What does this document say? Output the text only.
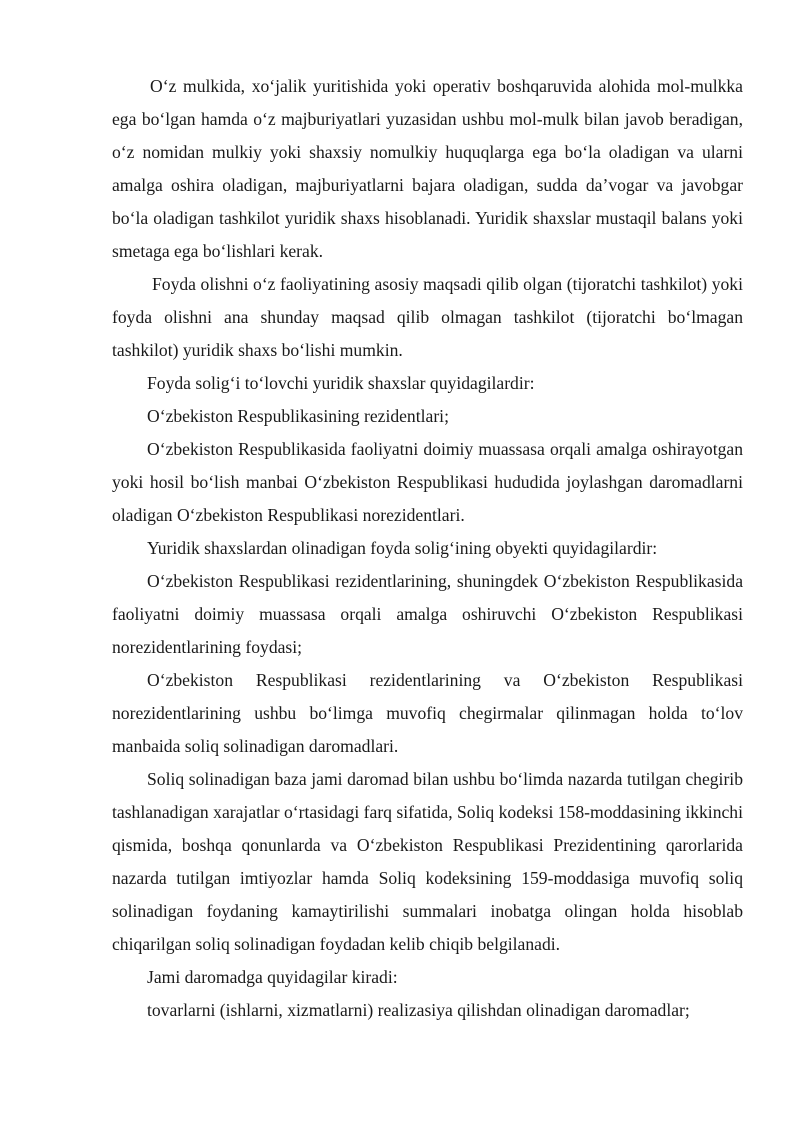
O‘z mulkida, xo‘jalik yuritishida yoki operativ boshqaruvida alohida mol-mulkka ega bo‘lgan hamda o‘z majburiyatlari yuzasidan ushbu mol-mulk bilan javob beradigan, o‘z nomidan mulkiy yoki shaxsiy nomulkiy huquqlarga ega bo‘la oladigan va ularni amalga oshira oladigan, majburiyatlarni bajara oladigan, sudda da’vogar va javobgar bo‘la oladigan tashkilot yuridik shaxs hisoblanadi. Yuridik shaxslar mustaqil balans yoki smetaga ega bo‘lishlari kerak.

Foyda olishni o‘z faoliyatining asosiy maqsadi qilib olgan (tijoratchi tashkilot) yoki foyda olishni ana shunday maqsad qilib olmagan tashkilot (tijoratchi bo‘lmagan tashkilot) yuridik shaxs bo‘lishi mumkin.

Foyda solig‘i to‘lovchi yuridik shaxslar quyidagilardir:

O‘zbekiston Respublikasining rezidentlari;

O‘zbekiston Respublikasida faoliyatni doimiy muassasa orqali amalga oshirayotgan yoki hosil bo‘lish manbai O‘zbekiston Respublikasi hududida joylashgan daromadlarni oladigan O‘zbekiston Respublikasi norezidentlari.

Yuridik shaxslardan olinadigan foyda solig‘ining obyekti quyidagilardir:

O‘zbekiston Respublikasi rezidentlarining, shuningdek O‘zbekiston Respublikasida faoliyatni doimiy muassasa orqali amalga oshiruvchi O‘zbekiston Respublikasi norezidentlarining foydasi;

O‘zbekiston Respublikasi rezidentlarining va O‘zbekiston Respublikasi norezidentlarining ushbu bo‘limga muvofiq chegirmalar qilinmagan holda to‘lov manbaida soliq solinadigan daromadlari.

Soliq solinadigan baza jami daromad bilan ushbu bo‘limda nazarda tutilgan chegirib tashlanadigan xarajatlar o‘rtasidagi farq sifatida, Soliq kodeksi 158-moddasining ikkinchi qismida, boshqa qonunlarda va O‘zbekiston Respublikasi Prezidentining qarorlarida nazarda tutilgan imtiyozlar hamda Soliq kodeksining 159-moddasiga muvofiq soliq solinadigan foydaning kamaytirilishi summalari inobatga olingan holda hisoblab chiqarilgan soliq solinadigan foydadan kelib chiqib belgilanadi.

Jami daromadga quyidagilar kiradi:

tovarlarni (ishlarni, xizmatlarni) realizasiya qilishdan olinadigan daromadlar;
